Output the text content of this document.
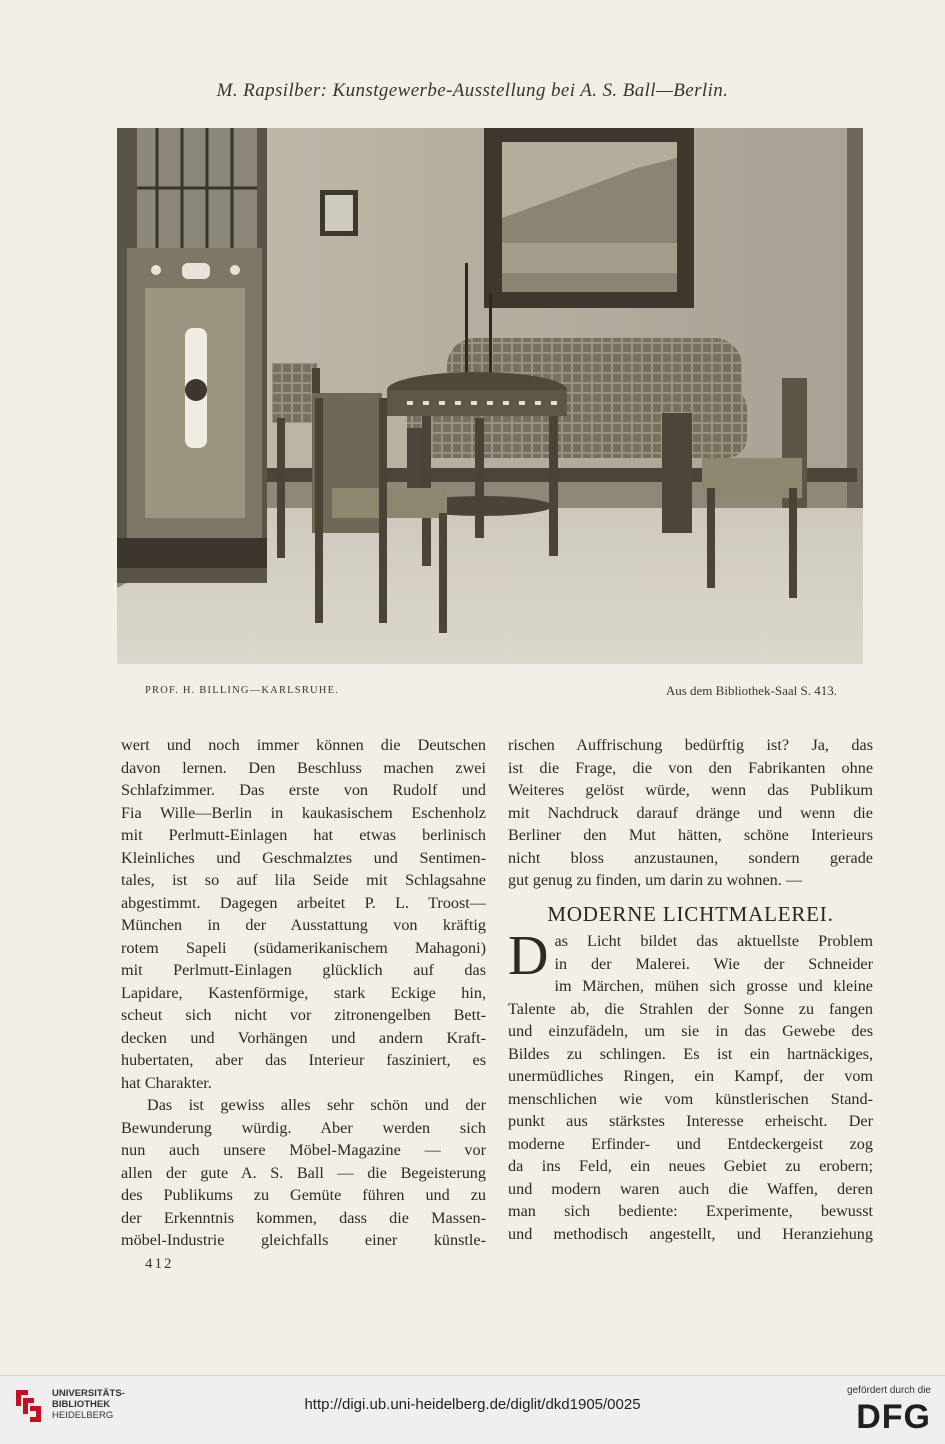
M. Rapsilber: Kunstgewerbe-Ausstellung bei A. S. Ball—Berlin.
PROF. H. BILLING—KARLSRUHE.	Aus dem Bibliothek-Saal S. 413.

wert und noch immer können die Deutschen

davon lernen. Den Beschluss machen zwei

Schlafzimmer. Das erste von Rudolf und

Fia Wille—Berlin in kaukasischem Eschenholz

mit Perlmutt-Einlagen hat etwas berlinisch

Kleinliches und Geschmalztes und Sentimen-

tales, ist so auf lila Seide mit Schlagsahne

abgestimmt. Dagegen arbeitet P. L. Troost—

München in der Ausstattung von kräftig

rotem Sapeli (südamerikanischem Mahagoni)

mit Perlmutt-Einlagen glücklich auf das

Lapidare, Kastenförmige, stark Eckige hin,

scheut sich nicht vor zitronengelben Bett-

decken und Vorhängen und andern Kraft-

hubertaten, aber das Interieur fasziniert, es

hat Charakter.

Das ist gewiss alles sehr schön und der

Bewunderung würdig. Aber werden sich

nun auch unsere Möbel-Magazine — vor

allen der gute A. S. Ball — die Begeisterung

des Publikums zu Gemüte führen und zu

der Erkenntnis kommen, dass die Massen-

möbel-Industrie gleichfalls einer künstle-

rischen Auffrischung bedürftig ist? Ja, das

ist die Frage, die von den Fabrikanten ohne

Weiteres gelöst würde, wenn das Publikum

mit Nachdruck darauf dränge und wenn die

Berliner den Mut hätten, schöne Interieurs

nicht bloss anzustaunen, sondern gerade

gut genug zu finden, um darin zu wohnen. —

MODERNE LICHTMALEREI.
D as Licht bildet das aktuellste Problem

in der Malerei. Wie der Schneider

im Märchen, mühen sich grosse und kleine

Talente ab, die Strahlen der Sonne zu fangen

und einzufädeln, um sie in das Gewebe des

Bildes zu schlingen. Es ist ein hartnäckiges,

unermüdliches Ringen, ein Kampf, der vom

menschlichen wie vom künstlerischen Stand-

punkt aus stärkstes Interesse erheischt. Der

moderne Erfinder- und Entdeckergeist zog

da ins Feld, ein neues Gebiet zu erobern;

und modern waren auch die Waffen, deren

man sich bediente: Experimente, bewusst

und methodisch angestellt, und Heranziehung

412
UNIVERSITÄTS-
BIBLIOTHEK
HEIDELBERG
http://digi.ub.uni-heidelberg.de/diglit/dkd1905/0025
gefördert durch die
DFG
